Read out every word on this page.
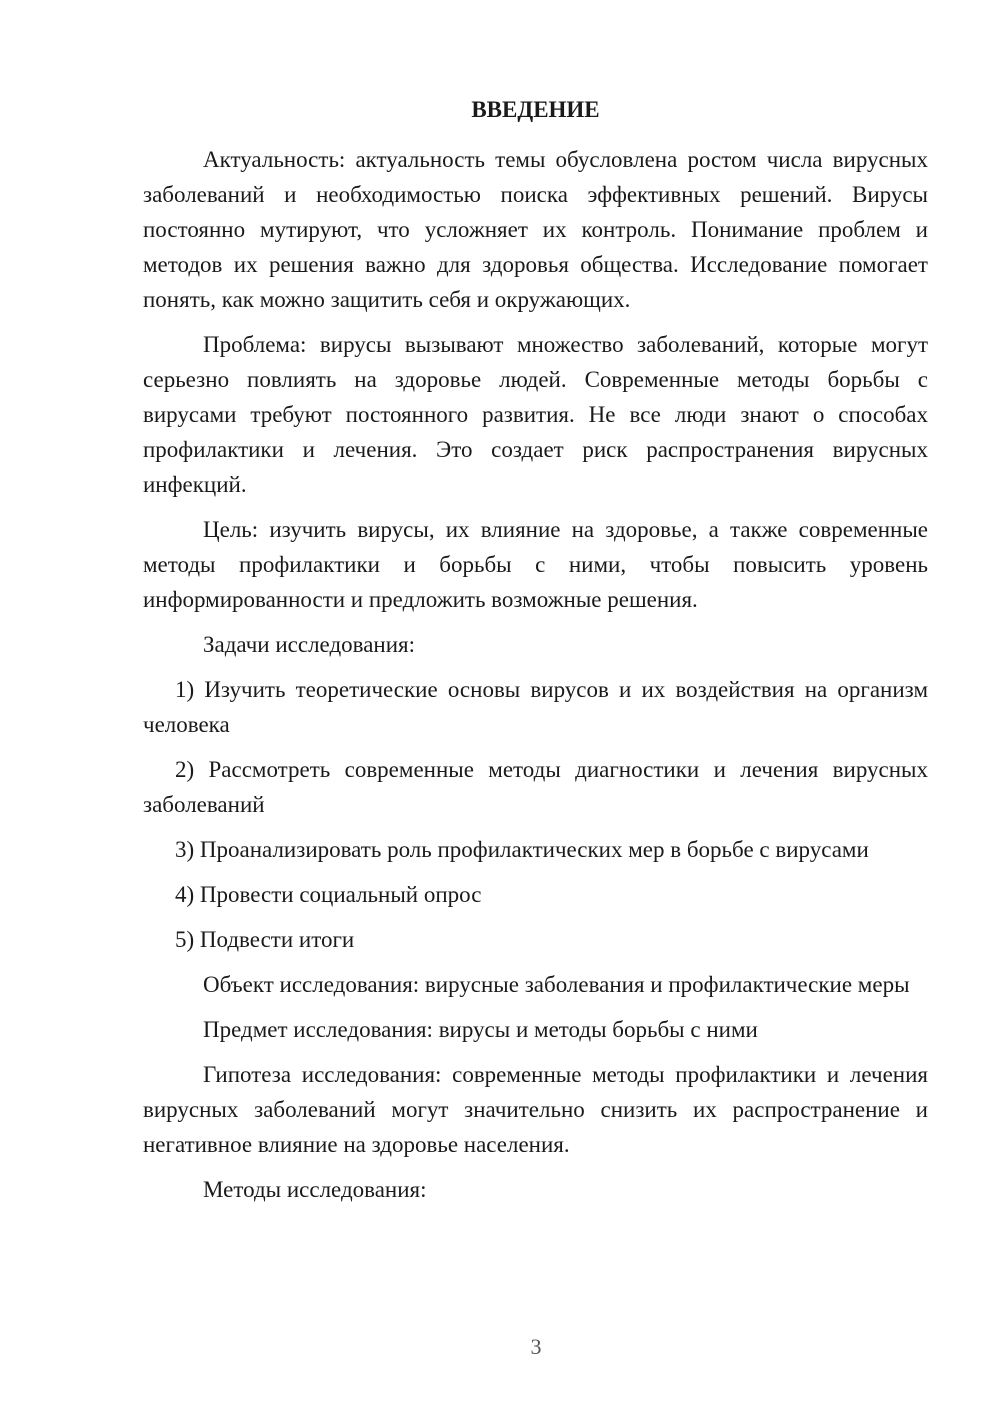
ВВЕДЕНИЕ

Актуальность: актуальность темы обусловлена ростом числа вирусных заболеваний и необходимостью поиска эффективных решений. Вирусы постоянно мутируют, что усложняет их контроль. Понимание проблем и методов их решения важно для здоровья общества. Исследование помогает понять, как можно защитить себя и окружающих.

Проблема: вирусы вызывают множество заболеваний, которые могут серьезно повлиять на здоровье людей. Современные методы борьбы с вирусами требуют постоянного развития. Не все люди знают о способах профилактики и лечения. Это создает риск распространения вирусных инфекций.

Цель: изучить вирусы, их влияние на здоровье, а также современные методы профилактики и борьбы с ними, чтобы повысить уровень информированности и предложить возможные решения.

Задачи исследования:

1) Изучить теоретические основы вирусов и их воздействия на организм человека

2) Рассмотреть современные методы диагностики и лечения вирусных заболеваний

3) Проанализировать роль профилактических мер в борьбе с вирусами

4) Провести социальный опрос

5) Подвести итоги

Объект исследования: вирусные заболевания и профилактические меры

Предмет исследования: вирусы и методы борьбы с ними

Гипотеза исследования: современные методы профилактики и лечения вирусных заболеваний могут значительно снизить их распространение и негативное влияние на здоровье населения.

Методы исследования:

3
